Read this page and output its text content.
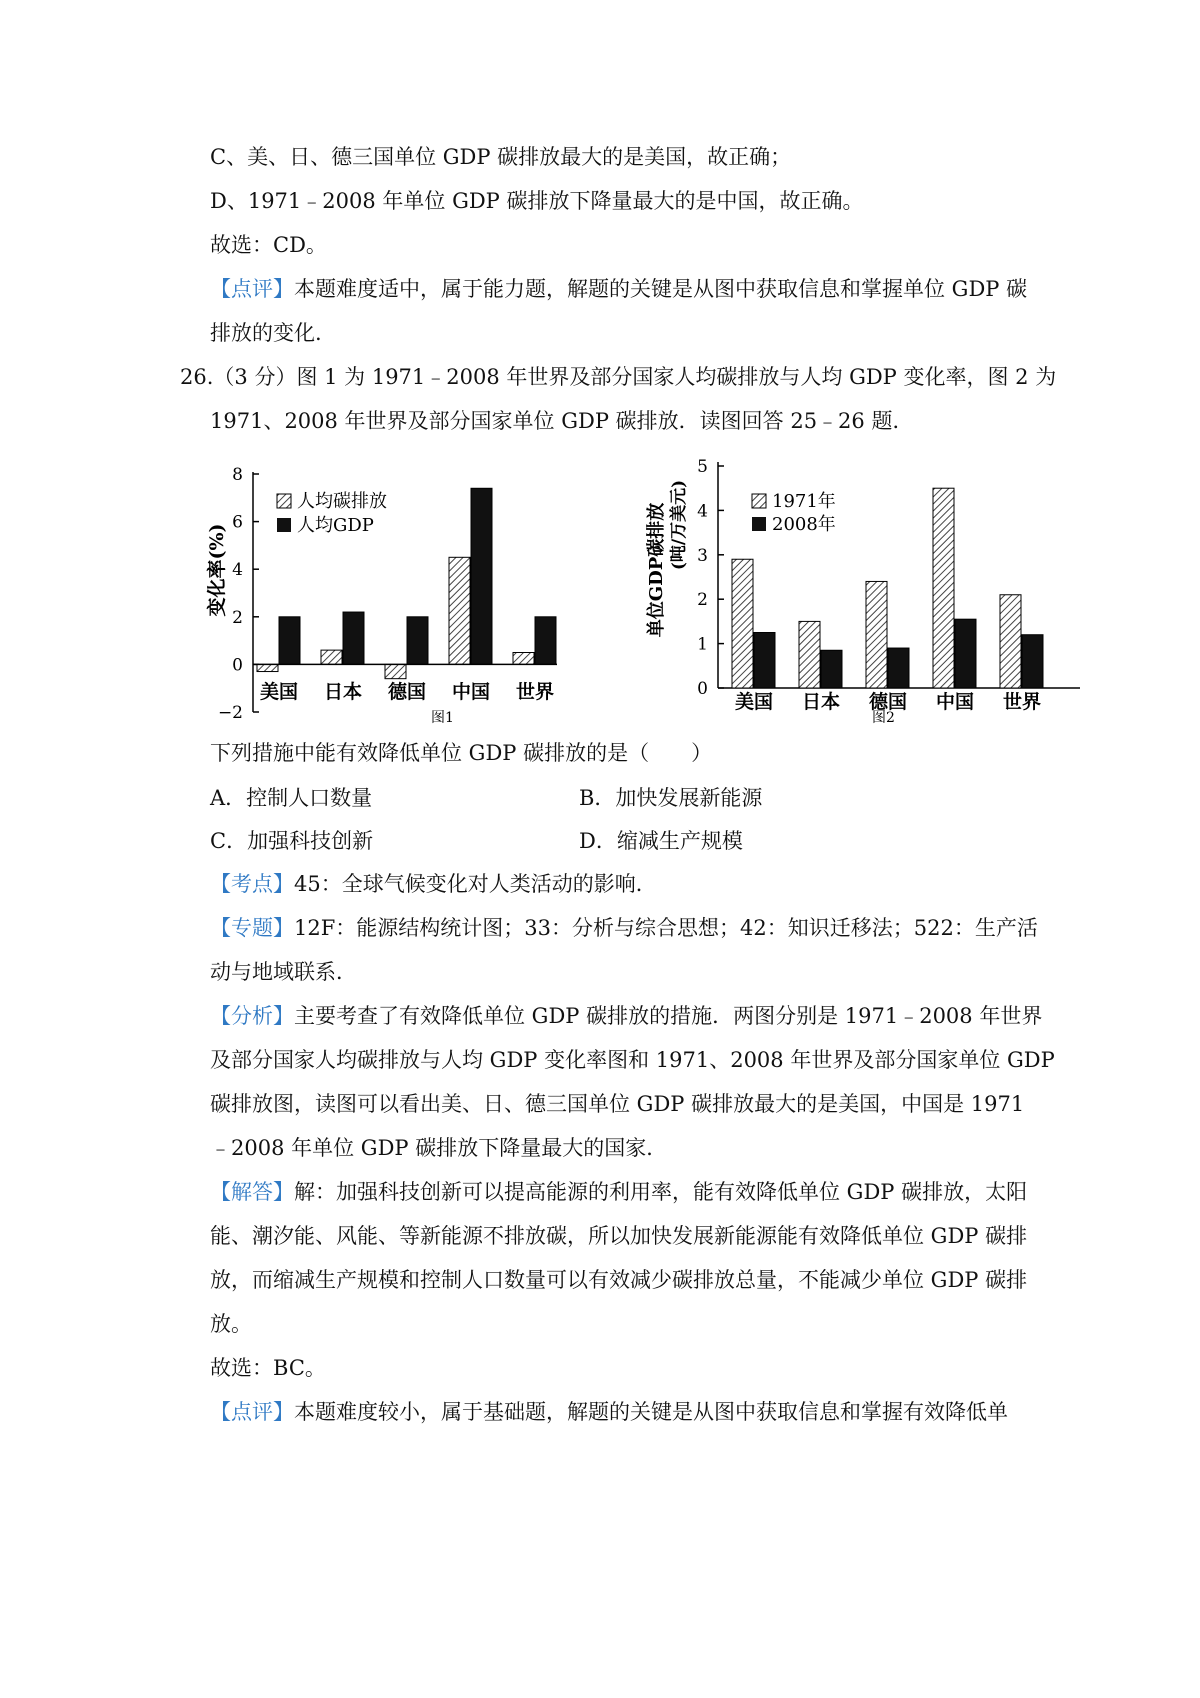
C、美、日、德三国单位 GDP 碳排放最大的是美国，故正确；
D、1971﹣2008 年单位 GDP 碳排放下降量最大的是中国，故正确。
故选：CD。
【点评】本题难度适中，属于能力题，解题的关键是从图中获取信息和掌握单位 GDP 碳
排放的变化.
26.（3 分）图 1 为 1971﹣2008 年世界及部分国家人均碳排放与人均 GDP 变化率，图 2 为
1971、2008 年世界及部分国家单位 GDP 碳排放．读图回答 25﹣26 题．
变化率(%)
8
6
4
2
0
−2
美国 日本 德国 中国 世界
人均碳排放
人均GDP
图1
单位GDP碳排放 (吨/万美元)
5
4
3
2
1
0
美国 日本 德国 中国 世界
1971年
2008年
图2
下列措施中能有效降低单位 GDP 碳排放的是（　　）
A．控制人口数量	B．加快发展新能源
C．加强科技创新	D．缩减生产规模
【考点】45：全球气候变化对人类活动的影响．
【专题】12F：能源结构统计图；33：分析与综合思想；42：知识迁移法；522：生产活
动与地域联系．
【分析】主要考查了有效降低单位 GDP 碳排放的措施．两图分别是 1971﹣2008 年世界
及部分国家人均碳排放与人均 GDP 变化率图和 1971、2008 年世界及部分国家单位 GDP
碳排放图，读图可以看出美、日、德三国单位 GDP 碳排放最大的是美国，中国是 1971
﹣2008 年单位 GDP 碳排放下降量最大的国家．
【解答】解：加强科技创新可以提高能源的利用率，能有效降低单位 GDP 碳排放，太阳
能、潮汐能、风能、等新能源不排放碳，所以加快发展新能源能有效降低单位 GDP 碳排
放，而缩减生产规模和控制人口数量可以有效减少碳排放总量，不能减少单位 GDP 碳排
放。
故选：BC。
【点评】本题难度较小，属于基础题，解题的关键是从图中获取信息和掌握有效降低单
